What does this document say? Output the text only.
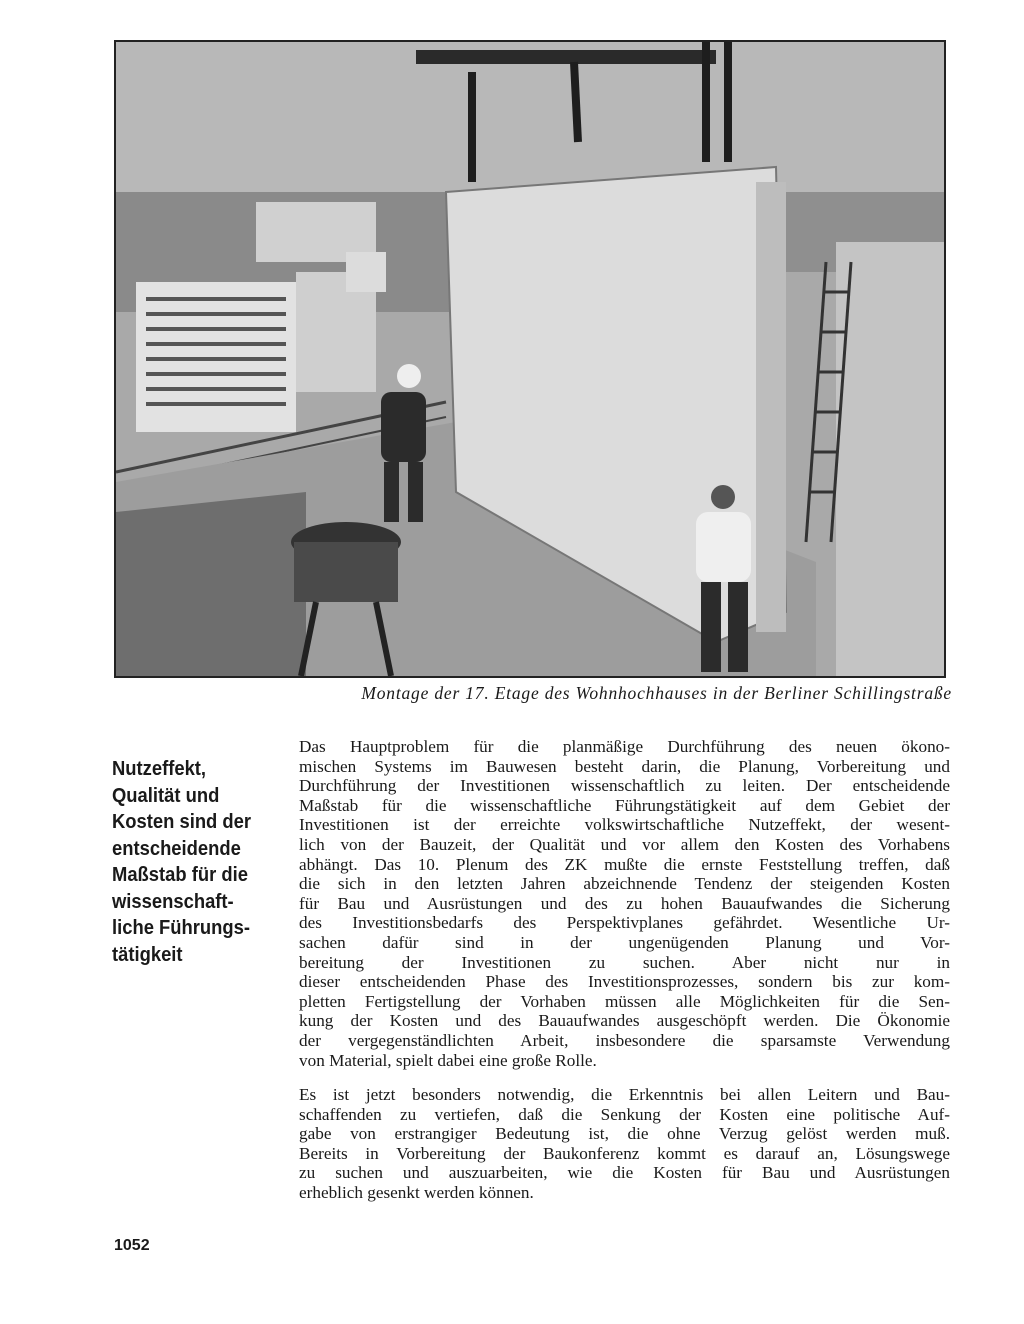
Montage der 17. Etage des Wohnhochhauses in der Berliner Schillingstraße
Nutzeffekt,
Qualität und
Kosten sind der
entscheidende
Maßstab für die
wissenschaft-
liche Führungs-
tätigkeit
Das Hauptproblem für die planmäßige Durchführung des neuen ökono-
mischen Systems im Bauwesen besteht darin, die Planung, Vorbereitung und
Durchführung der Investitionen wissenschaftlich zu leiten. Der entscheidende
Maßstab für die wissenschaftliche Führungstätigkeit auf dem Gebiet der
Investitionen ist der erreichte volkswirtschaftliche Nutzeffekt, der wesent-
lich von der Bauzeit, der Qualität und vor allem den Kosten des Vorhabens
abhängt. Das 10. Plenum des ZK mußte die ernste Feststellung treffen, daß
die sich in den letzten Jahren abzeichnende Tendenz der steigenden Kosten
für Bau und Ausrüstungen und des zu hohen Bauaufwandes die Sicherung
des Investitionsbedarfs des Perspektivplanes gefährdet. Wesentliche Ur-
sachen dafür sind in der ungenügenden Planung und Vor-
bereitung der Investitionen zu suchen. Aber nicht nur in
dieser entscheidenden Phase des Investitionsprozesses, sondern bis zur kom-
pletten Fertigstellung der Vorhaben müssen alle Möglichkeiten für die Sen-
kung der Kosten und des Bauaufwandes ausgeschöpft werden. Die Ökonomie
der vergegenständlichten Arbeit, insbesondere die sparsamste Verwendung
von Material, spielt dabei eine große Rolle.
Es ist jetzt besonders notwendig, die Erkenntnis bei allen Leitern und Bau-
schaffenden zu vertiefen, daß die Senkung der Kosten eine politische Auf-
gabe von erstrangiger Bedeutung ist, die ohne Verzug gelöst werden muß.
Bereits in Vorbereitung der Baukonferenz kommt es darauf an, Lösungswege
zu suchen und auszuarbeiten, wie die Kosten für Bau und Ausrüstungen
erheblich gesenkt werden können.
1052
